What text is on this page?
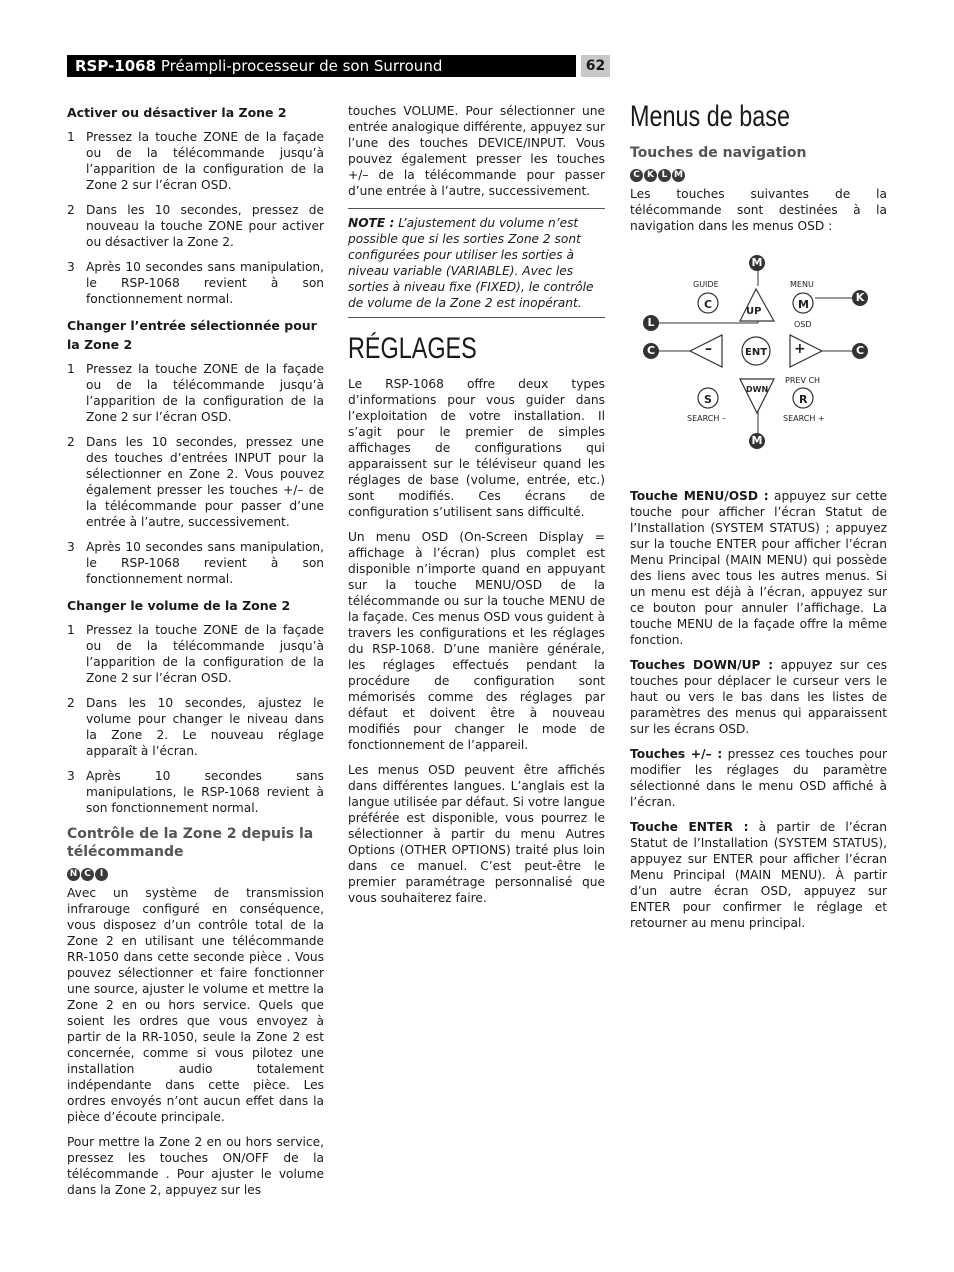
RSP-1068 Préampli-processeur de son Surround	62
Activer ou désactiver la Zone 2
1 Pressez la touche ZONE de la façade ou de la télécommande jusqu’à l’apparition de la configuration de la Zone 2 sur l’écran OSD.
2 Dans les 10 secondes, pressez de nouveau la touche ZONE pour activer ou désactiver la Zone 2.
3 Après 10 secondes sans manipulation, le RSP-1068 revient à son fonctionnement normal.
Changer l’entrée sélectionnée pour la Zone 2
1 Pressez la touche ZONE de la façade ou de la télécommande jusqu’à l’apparition de la configuration de la Zone 2 sur l’écran OSD.
2 Dans les 10 secondes, pressez une des touches d’entrées INPUT pour la sélectionner en Zone 2. Vous pouvez également presser les touches +/– de la télécommande pour passer d’une entrée à l’autre, successivement.
3 Après 10 secondes sans manipulation, le RSP-1068 revient à son fonctionnement normal.
Changer le volume de la Zone 2
1 Pressez la touche ZONE de la façade ou de la télécommande jusqu’à l’apparition de la configuration de la Zone 2 sur l’écran OSD.
2 Dans les 10 secondes, ajustez le volume pour changer le niveau dans la Zone 2. Le nouveau réglage apparaît à l’écran.
3 Après 10 secondes sans manipulations, le RSP-1068 revient à son fonctionnement normal.
Contrôle de la Zone 2 depuis la télécommande
N C I

Avec un système de transmission infrarouge configuré en conséquence, vous disposez d’un contrôle total de la Zone 2 en utilisant une télécommande RR-1050 dans cette seconde pièce . Vous pouvez sélectionner et faire fonctionner une source, ajuster le volume et mettre la Zone 2 en ou hors service. Quels que soient les ordres que vous envoyez à partir de la RR-1050, seule la Zone 2 est concernée, comme si vous pilotez une installation audio totalement indépendante dans cette pièce. Les ordres envoyés n’ont aucun effet dans la pièce d’écoute principale.

Pour mettre la Zone 2 en ou hors service, pressez les touches ON/OFF de la télécommande . Pour ajuster le volume dans la Zone 2, appuyez sur les

touches VOLUME. Pour sélectionner une entrée analogique différente, appuyez sur l’une des touches DEVICE/INPUT. Vous pouvez également presser les touches +/– de la télécommande pour passer d’une entrée à l’autre, successivement.

NOTE : L’ajustement du volume n’est possible que si les sorties Zone 2 sont configurées pour utiliser les sorties à niveau variable (VARIABLE). Avec les sorties à niveau fixe (FIXED), le contrôle de volume de la Zone 2 est inopérant.
RÉGLAGES

Le RSP-1068 offre deux types d’informations pour vous guider dans l’exploitation de votre installation. Il s’agit pour le premier de simples affichages de configurations qui apparaissent sur le téléviseur quand les réglages de base (volume, entrée, etc.) sont modifiés. Ces écrans de configuration s’utilisent sans difficulté.

Un menu OSD (On-Screen Display = affichage à l’écran) plus complet est disponible n’importe quand en appuyant sur la touche MENU/OSD de la télécommande ou sur la touche MENU de la façade. Ces menus OSD vous guident à travers les configurations et les réglages du RSP-1068. D’une manière générale, les réglages effectués pendant la procédure de configuration sont mémorisés comme des réglages par défaut et doivent être à nouveau modifiés pour changer le mode de fonctionnement de l’appareil.

Les menus OSD peuvent être affichés dans différentes langues. L’anglais est la langue utilisée par défaut. Si votre langue préférée est disponible, vous pourrez le sélectionner à partir du menu Autres Options (OTHER OPTIONS) traité plus loin dans ce manuel. C’est peut-être le premier paramétrage personnalisé que vous souhaiterez faire.

Menus de base
Touches de navigation
C K L M

Les touches suivantes de la télécommande sont destinées à la navigation dans les menus OSD :

GUIDE	MENU
OSD
PREV CH
SEARCH –	SEARCH +
UP
DWN
ENT
–	+
C	M
S	R
M
K
L
C	C
M

Touche MENU/OSD : appuyez sur cette touche pour afficher l’écran Statut de l’Installation (SYSTEM STATUS) ; appuyez sur la touche ENTER pour afficher l’écran Menu Principal (MAIN MENU) qui possède des liens avec tous les autres menus. Si un menu est déjà à l’écran, appuyez sur ce bouton pour annuler l’affichage. La touche MENU de la façade offre la même fonction.

Touches DOWN/UP : appuyez sur ces touches pour déplacer le curseur vers le haut ou vers le bas dans les listes de paramètres des menus qui apparaissent sur les écrans OSD.

Touches +/– : pressez ces touches pour modifier les réglages du paramètre sélectionné dans le menu OSD affiché à l’écran.

Touche ENTER : à partir de l’écran Statut de l’Installation (SYSTEM STATUS), appuyez sur ENTER pour afficher l’écran Menu Principal (MAIN MENU). À partir d’un autre écran OSD, appuyez sur ENTER pour confirmer le réglage et retourner au menu principal.
